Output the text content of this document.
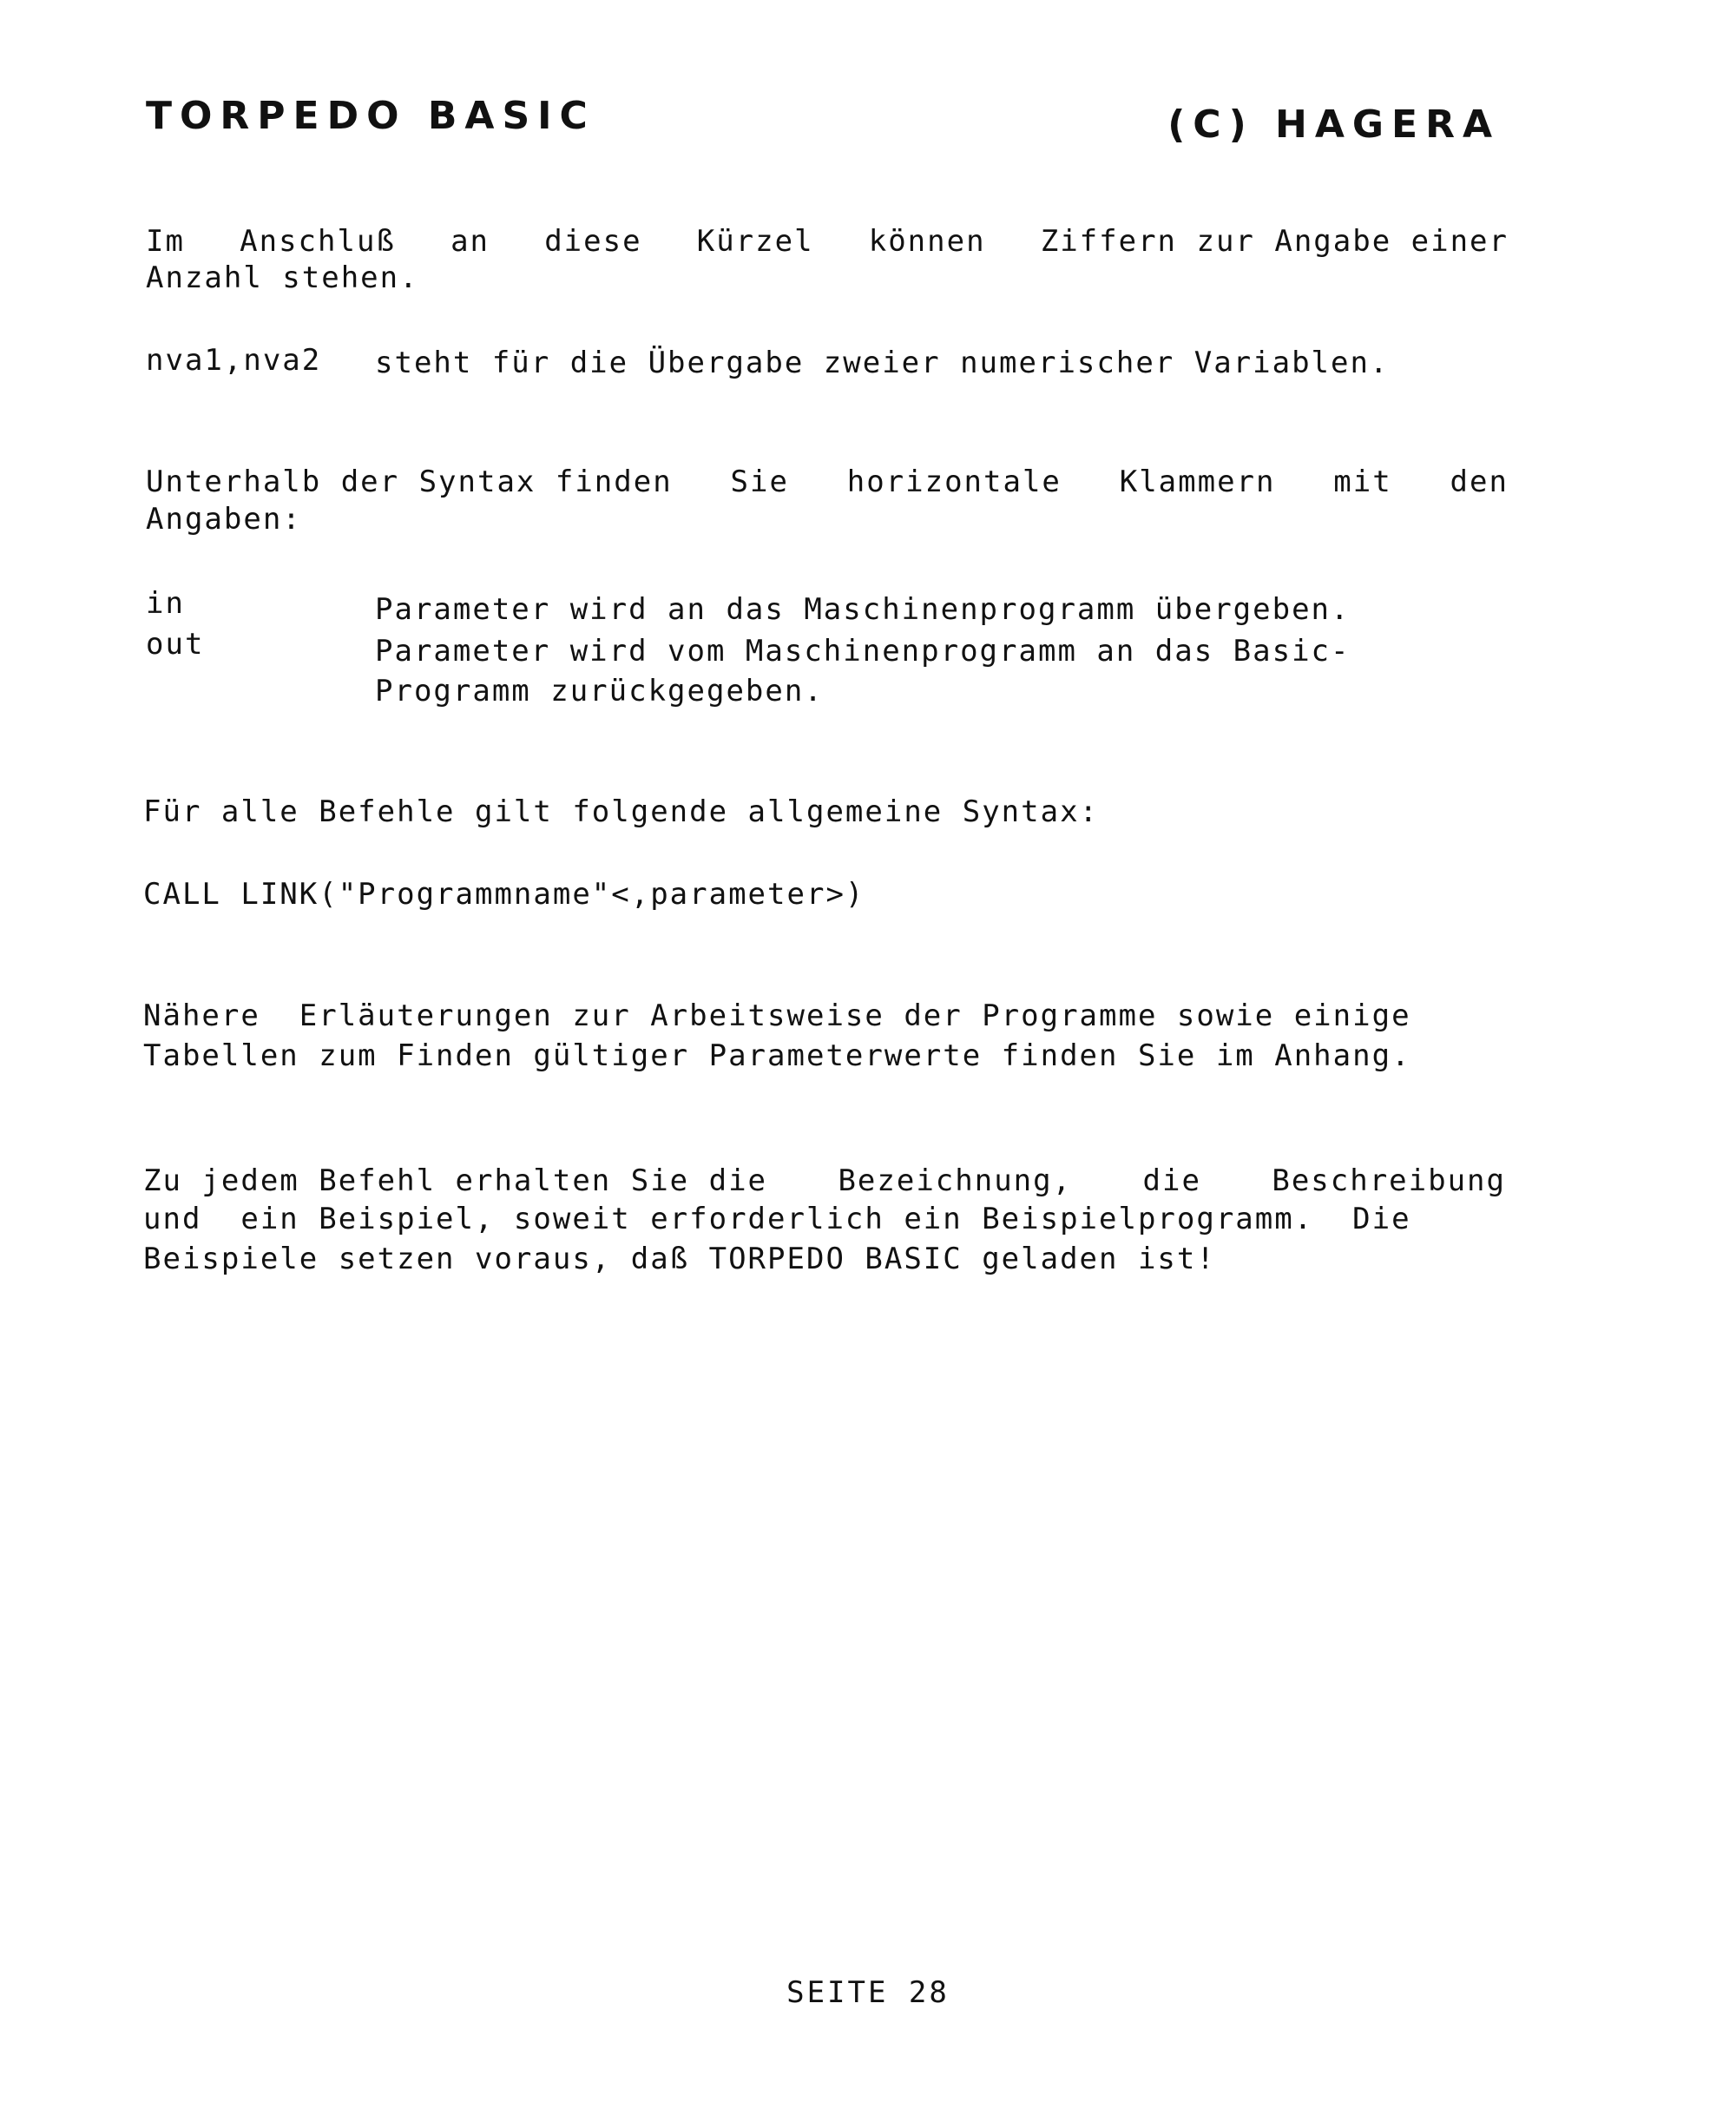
TORPEDO BASIC	(C) HAGERA
Im Anschluß an diese Kürzel können Ziffern zur Angabe einer
Anzahl stehen.
nva1,nva2 steht für die Übergabe zweier numerischer Variablen.
Unterhalb der Syntax finden Sie horizontale Klammern mit den
Angaben:
in	Parameter wird an das Maschinenprogramm übergeben.
out	Parameter wird vom Maschinenprogramm an das Basic-
Programm zurückgegeben.
Für alle Befehle gilt folgende allgemeine Syntax:
CALL LINK("Programmname"<,parameter>)
Nähere  Erläuterungen zur Arbeitsweise der Programme sowie einige
Tabellen zum Finden gültiger Parameterwerte finden Sie im Anhang.
Zu jedem Befehl erhalten Sie die Bezeichnung, die Beschreibung
und  ein Beispiel, soweit erforderlich ein Beispielprogramm.  Die
Beispiele setzen voraus, daß TORPEDO BASIC geladen ist!
SEITE 28
